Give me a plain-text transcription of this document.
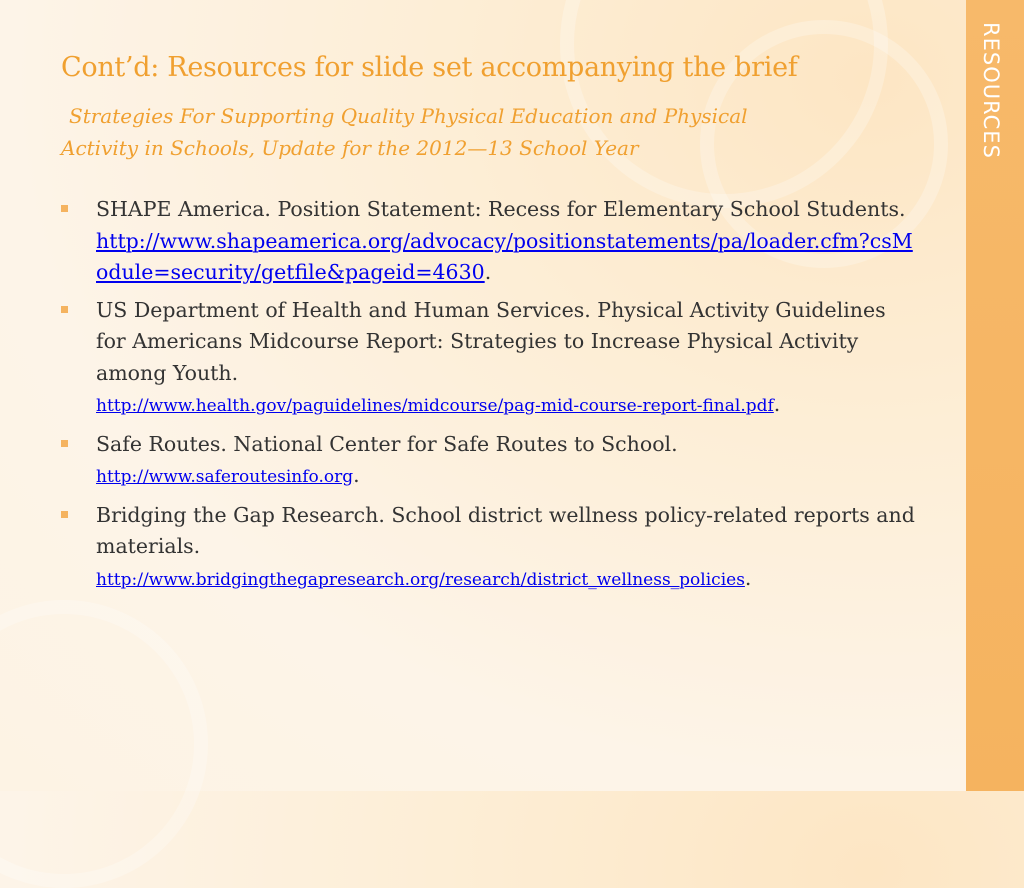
RESOURCES
Cont’d: Resources for slide set accompanying the brief

Strategies For Supporting Quality Physical Education and Physical
Activity in Schools, Update for the 2012—13 School Year

SHAPE America. Position Statement: Recess for Elementary School Students.
http://www.shapeamerica.org/advocacy/positionstatements/pa/loader.cfm?csModule=security/getfile&pageid=4630.
US Department of Health and Human Services. Physical Activity Guidelines for Americans Midcourse Report: Strategies to Increase Physical Activity among Youth.
http://www.health.gov/paguidelines/midcourse/pag-mid-course-report-final.pdf.
Safe Routes. National Center for Safe Routes to School.
http://www.saferoutesinfo.org.
Bridging the Gap Research. School district wellness policy-related reports and materials.
http://www.bridgingthegapresearch.org/research/district_wellness_policies.
